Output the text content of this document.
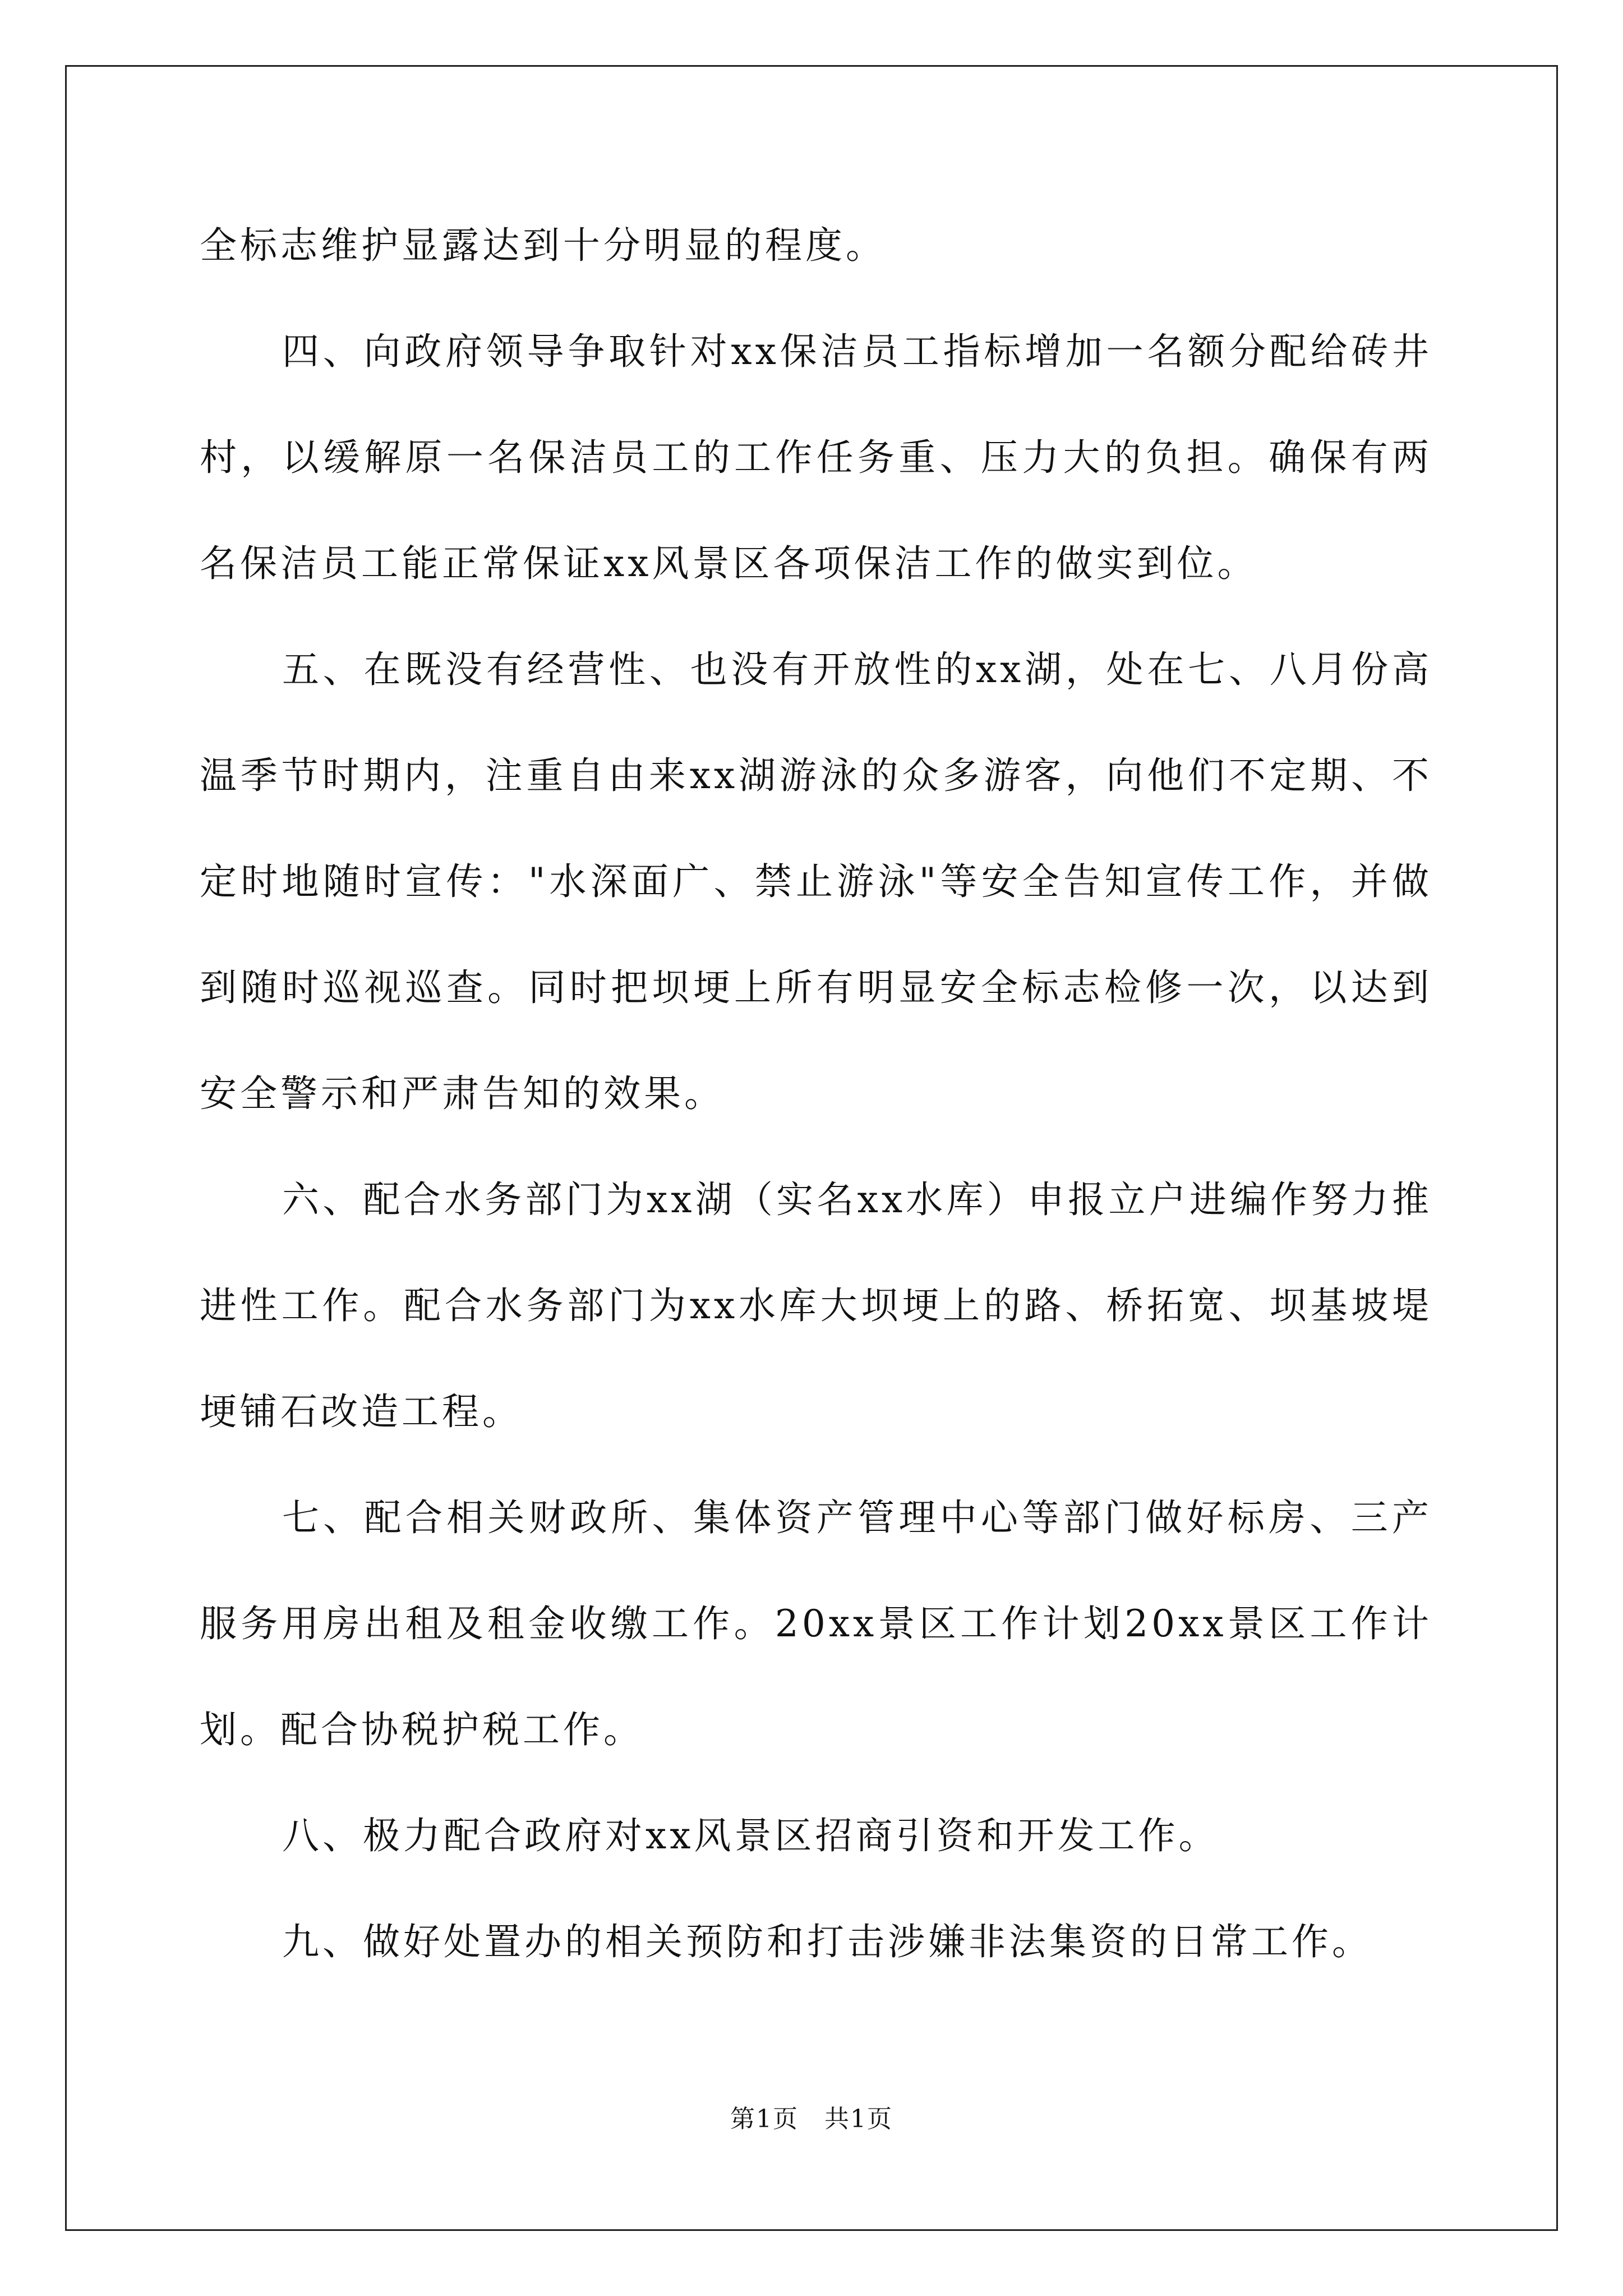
全标志维护显露达到十分明显的程度。

四、向政府领导争取针对xx保洁员工指标增加一名额分配给砖井村，以缓解原一名保洁员工的工作任务重、压力大的负担。确保有两名保洁员工能正常保证xx风景区各项保洁工作的做实到位。

五、在既没有经营性、也没有开放性的xx湖，处在七、八月份高温季节时期内，注重自由来xx湖游泳的众多游客，向他们不定期、不定时地随时宣传："水深面广、禁止游泳"等安全告知宣传工作，并做到随时巡视巡查。同时把坝埂上所有明显安全标志检修一次，以达到安全警示和严肃告知的效果。

六、配合水务部门为xx湖（实名xx水库）申报立户进编作努力推进性工作。配合水务部门为xx水库大坝埂上的路、桥拓宽、坝基坡堤埂铺石改造工程。

七、配合相关财政所、集体资产管理中心等部门做好标房、三产服务用房出租及租金收缴工作。20xx景区工作计划20xx景区工作计划。配合协税护税工作。

八、极力配合政府对xx风景区招商引资和开发工作。

九、做好处置办的相关预防和打击涉嫌非法集资的日常工作。

第1页　共1页
